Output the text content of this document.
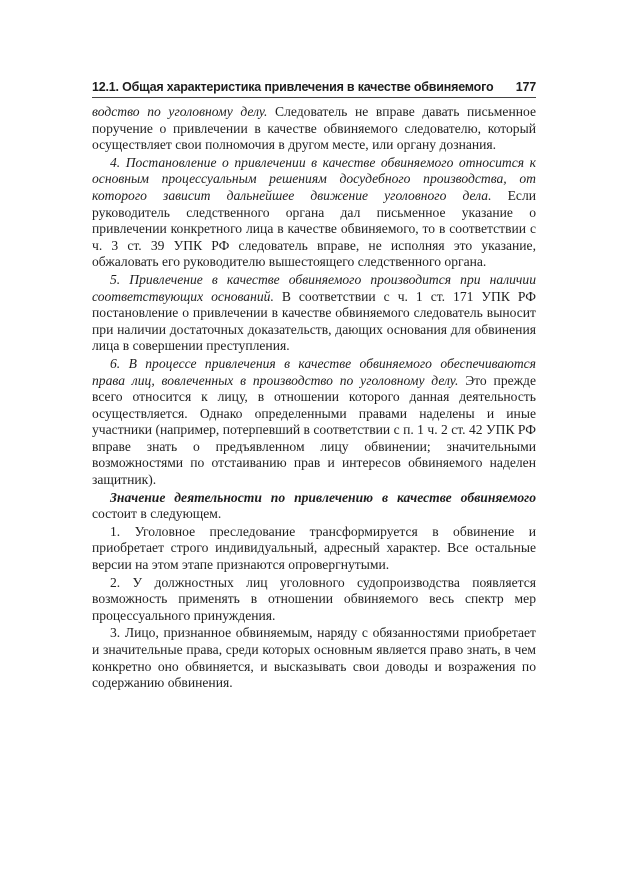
12.1. Общая характеристика привлечения в качестве обвиняемого 177

водство по уголовному делу. Следователь не вправе давать письменное поручение о привлечении в качестве обвиняемого следователю, который осуществляет свои полномочия в другом месте, или органу дознания.

4. Постановление о привлечении в качестве обвиняемого относится к основным процессуальным решениям досудебного производства, от которого зависит дальнейшее движение уголовного дела. Если руководитель следственного органа дал письменное указание о привлечении конкретного лица в качестве обвиняемого, то в соответствии с ч. 3 ст. 39 УПК РФ следователь вправе, не исполняя это указание, обжаловать его руководителю вышестоящего следственного органа.

5. Привлечение в качестве обвиняемого производится при наличии соответствующих оснований. В соответствии с ч. 1 ст. 171 УПК РФ постановление о привлечении в качестве обвиняемого следователь выносит при наличии достаточных доказательств, дающих основания для обвинения лица в совершении преступления.

6. В процессе привлечения в качестве обвиняемого обеспечиваются права лиц, вовлеченных в производство по уголовному делу. Это прежде всего относится к лицу, в отношении которого данная деятельность осуществляется. Однако определенными правами наделены и иные участники (например, потерпевший в соответствии с п. 1 ч. 2 ст. 42 УПК РФ вправе знать о предъявленном лицу обвинении; значительными возможностями по отстаиванию прав и интересов обвиняемого наделен защитник).

Значение деятельности по привлечению в качестве обвиняемого состоит в следующем.

1. Уголовное преследование трансформируется в обвинение и приобретает строго индивидуальный, адресный характер. Все остальные версии на этом этапе признаются опровергнутыми.

2. У должностных лиц уголовного судопроизводства появляется возможность применять в отношении обвиняемого весь спектр мер процессуального принуждения.

3. Лицо, признанное обвиняемым, наряду с обязанностями приобретает и значительные права, среди которых основным является право знать, в чем конкретно оно обвиняется, и высказывать свои доводы и возражения по содержанию обвинения.
